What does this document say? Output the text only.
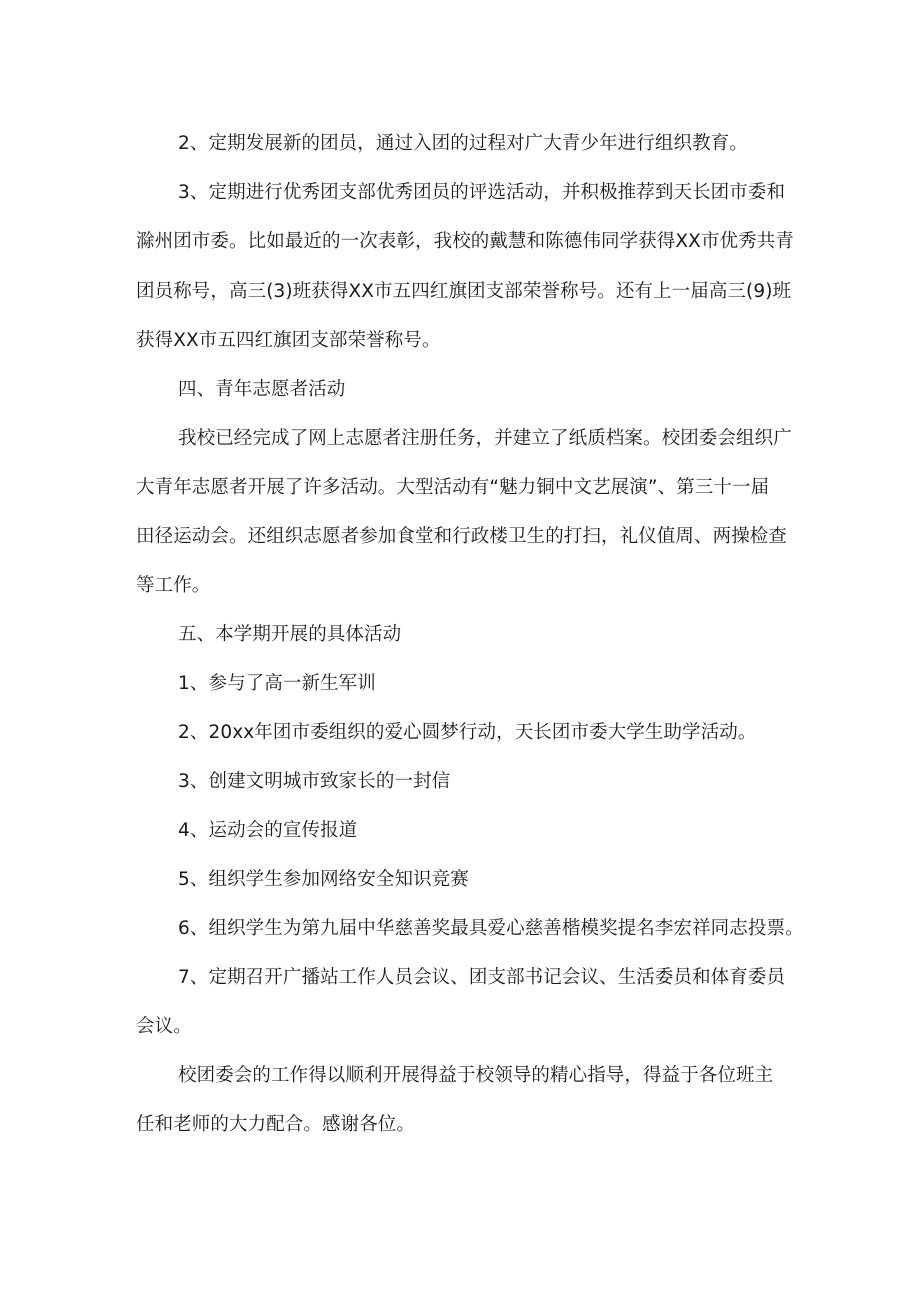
2、定期发展新的团员，通过入团的过程对广大青少年进行组织教育。

3、定期进行优秀团支部优秀团员的评选活动，并积极推荐到天长团市委和

滁州团市委。比如最近的一次表彰，我校的戴慧和陈德伟同学获得XX市优秀共青

团员称号，高三(3)班获得XX市五四红旗团支部荣誉称号。还有上一届高三(9)班

获得XX市五四红旗团支部荣誉称号。

四、青年志愿者活动

我校已经完成了网上志愿者注册任务，并建立了纸质档案。校团委会组织广

大青年志愿者开展了许多活动。大型活动有“魅力铜中文艺展演”、第三十一届

田径运动会。还组织志愿者参加食堂和行政楼卫生的打扫，礼仪值周、两操检查

等工作。

五、本学期开展的具体活动

1、参与了高一新生军训

2、20xx年团市委组织的爱心圆梦行动，天长团市委大学生助学活动。

3、创建文明城市致家长的一封信

4、运动会的宣传报道

5、组织学生参加网络安全知识竞赛

6、组织学生为第九届中华慈善奖最具爱心慈善楷模奖提名李宏祥同志投票。

7、定期召开广播站工作人员会议、团支部书记会议、生活委员和体育委员

会议。

校团委会的工作得以顺利开展得益于校领导的精心指导，得益于各位班主

任和老师的大力配合。感谢各位。
